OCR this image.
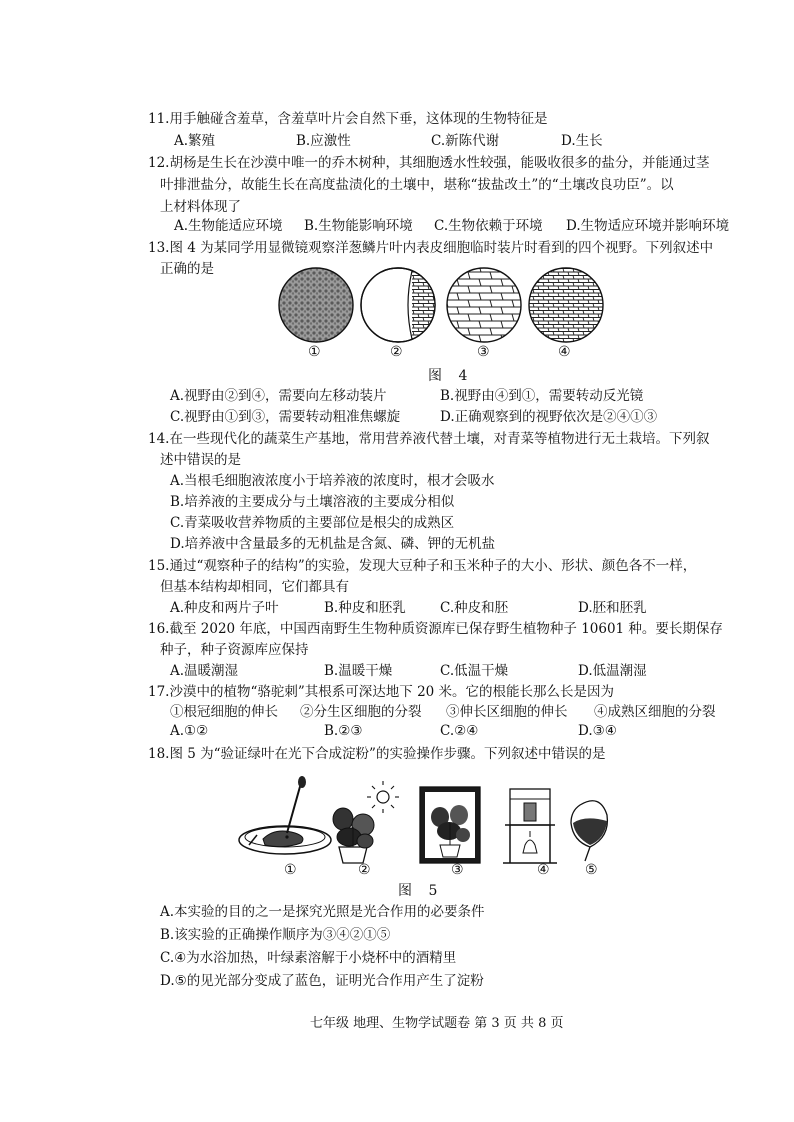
11.用手触碰含羞草，含羞草叶片会自然下垂，这体现的生物特征是
A.繁殖	B.应激性	C.新陈代谢	D.生长
12.胡杨是生长在沙漠中唯一的乔木树种，其细胞透水性较强，能吸收很多的盐分，并能通过茎
叶排泄盐分，故能生长在高度盐渍化的土壤中，堪称“拔盐改土”的“土壤改良功臣”。以
上材料体现了
A.生物能适应环境 B.生物能影响环境 C.生物依赖于环境 D.生物适应环境并影响环境
13.图 4 为某同学用显微镜观察洋葱鳞片叶内表皮细胞临时装片时看到的四个视野。下列叙述中
正确的是
①	②	③	④
图 4
A.视野由②到④，需要向左移动装片	B.视野由④到①，需要转动反光镜
C.视野由①到③，需要转动粗准焦螺旋	D.正确观察到的视野依次是②④①③
14.在一些现代化的蔬菜生产基地，常用营养液代替土壤，对青菜等植物进行无土栽培。下列叙
述中错误的是
A.当根毛细胞液浓度小于培养液的浓度时，根才会吸水
B.培养液的主要成分与土壤溶液的主要成分相似
C.青菜吸收营养物质的主要部位是根尖的成熟区
D.培养液中含量最多的无机盐是含氮、磷、钾的无机盐
15.通过“观察种子的结构”的实验，发现大豆种子和玉米种子的大小、形状、颜色各不一样，
但基本结构却相同，它们都具有
A.种皮和两片子叶	B.种皮和胚乳	C.种皮和胚	D.胚和胚乳
16.截至 2020 年底，中国西南野生生物种质资源库已保存野生植物种子 10601 种。要长期保存
种子，种子资源库应保持
A.温暖潮湿	B.温暖干燥	C.低温干燥	D.低温潮湿
17.沙漠中的植物“骆驼刺”其根系可深达地下 20 米。它的根能长那么长是因为
①根冠细胞的伸长 ②分生区细胞的分裂 ③伸长区细胞的伸长 ④成熟区细胞的分裂
A.①②	B.②③	C.②④	D.③④
18.图 5 为“验证绿叶在光下合成淀粉”的实验操作步骤。下列叙述中错误的是
①	②	③	④	⑤
图 5
A.本实验的目的之一是探究光照是光合作用的必要条件
B.该实验的正确操作顺序为③④②①⑤
C.④为水浴加热，叶绿素溶解于小烧杯中的酒精里
D.⑤的见光部分变成了蓝色，证明光合作用产生了淀粉
七年级 地理、生物学试题卷 第 3 页 共 8 页
